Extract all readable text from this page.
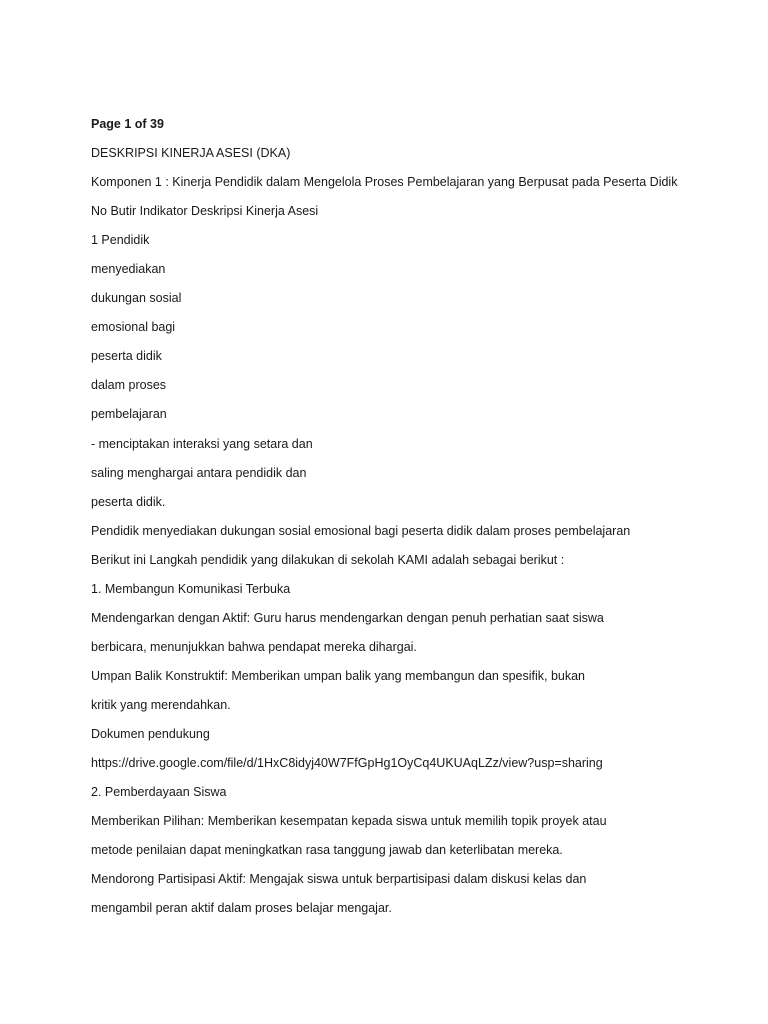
Page 1 of 39
DESKRIPSI KINERJA ASESI (DKA)
Komponen 1 : Kinerja Pendidik dalam Mengelola Proses Pembelajaran yang Berpusat pada Peserta Didik
No Butir Indikator Deskripsi Kinerja Asesi
1 Pendidik
menyediakan
dukungan sosial
emosional bagi
peserta didik
dalam proses
pembelajaran
- menciptakan interaksi yang setara dan
saling menghargai antara pendidik dan
peserta didik.
Pendidik menyediakan dukungan sosial emosional bagi peserta didik dalam proses pembelajaran
Berikut ini Langkah pendidik yang dilakukan di sekolah KAMI adalah sebagai berikut :
1. Membangun Komunikasi Terbuka
Mendengarkan dengan Aktif: Guru harus mendengarkan dengan penuh perhatian saat siswa
berbicara, menunjukkan bahwa pendapat mereka dihargai.
Umpan Balik Konstruktif: Memberikan umpan balik yang membangun dan spesifik, bukan
kritik yang merendahkan.
Dokumen pendukung
https://drive.google.com/file/d/1HxC8idyj40W7FfGpHg1OyCq4UKUAqLZz/view?usp=sharing
2. Pemberdayaan Siswa
Memberikan Pilihan: Memberikan kesempatan kepada siswa untuk memilih topik proyek atau
metode penilaian dapat meningkatkan rasa tanggung jawab dan keterlibatan mereka.
Mendorong Partisipasi Aktif: Mengajak siswa untuk berpartisipasi dalam diskusi kelas dan
mengambil peran aktif dalam proses belajar mengajar.
